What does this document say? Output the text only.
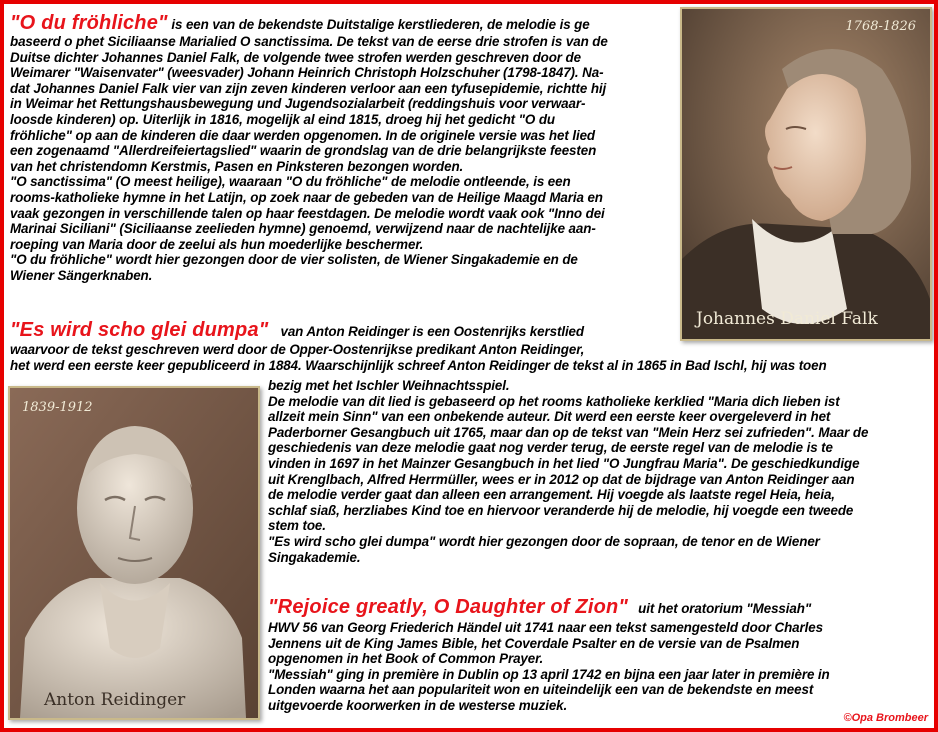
"O du fröhliche" is een van de bekendste Duitstalige kerstliederen, de melodie is ge
baseerd o phet Siciliaanse Marialied O sanctissima. De tekst van de eerse drie strofen is van de
Duitse dichter Johannes Daniel Falk, de volgende twee strofen werden geschreven door de
Weimarer "Waisenvater" (weesvader) Johann Heinrich Christoph Holzschuher (1798-1847). Na-
dat Johannes Daniel Falk vier van zijn zeven kinderen verloor aan een tyfusepidemie, richtte hij
in Weimar het Rettungshausbewegung und Jugendsozialarbeit (reddingshuis voor verwaar-
loosde kinderen) op. Uiterlijk in 1816, mogelijk al eind 1815, droeg hij het gedicht "O du
fröhliche" op aan de kinderen die daar werden opgenomen. In de originele versie was het lied
een zogenaamd "Allerdreifeiertagslied" waarin de grondslag van de drie belangrijkste feesten
van het christendomn Kerstmis, Pasen en Pinksteren bezongen worden.
"O sanctissima" (O meest heilige), waaraan "O du fröhliche" de melodie ontleende, is een
rooms-katholieke hymne in het Latijn, op zoek naar de gebeden van de Heilige Maagd Maria en
vaak gezongen in verschillende talen op haar feestdagen. De melodie wordt vaak ook "Inno dei
Marinai Siciliani" (Siciliaanse zeelieden hymne) genoemd, verwijzend naar de nachtelijke aan-
roeping van Maria door de zeelui als hun moederlijke beschermer.
"O du fröhliche" wordt hier gezongen door de vier solisten, de Wiener Singakademie en de
Wiener Sängerknaben.
1768-1826
Johannes Daniel Falk
"Es wird scho glei dumpa" van Anton Reidinger is een Oostenrijks kerstlied
waarvoor de tekst geschreven werd door de Opper-Oostenrijkse predikant Anton Reidinger,
het werd een eerste keer gepubliceerd in 1884. Waarschijnlijk schreef Anton Reidinger de tekst al in 1865 in Bad Ischl, hij was toen
bezig met het Ischler Weihnachtsspiel.
De melodie van dit lied is gebaseerd op het rooms katholieke kerklied "Maria dich lieben ist
allzeit mein Sinn" van een onbekende auteur. Dit werd een eerste keer overgeleverd in het
Paderborner Gesangbuch uit 1765, maar dan op de tekst van "Mein Herz sei zufrieden". Maar de
geschiedenis van deze melodie gaat nog verder terug, de eerste regel van de melodie is te
vinden in 1697 in het Mainzer Gesangbuch in het lied "O Jungfrau Maria". De geschiedkundige
uit Krenglbach, Alfred Herrmüller, wees er in 2012 op dat de bijdrage van Anton Reidinger aan
de melodie verder gaat dan alleen een arrangement. Hij voegde als laatste regel Heia, heia,
schlaf siaß, herzliabes Kind toe en hiervoor veranderde hij de melodie, hij voegde een tweede
stem toe.
"Es wird scho glei dumpa" wordt hier gezongen door de sopraan, de tenor en de Wiener
Singakademie.
1839-1912
Anton Reidinger
"Rejoice greatly, O Daughter of Zion" uit het oratorium "Messiah"
HWV 56 van Georg Friederich Händel uit 1741 naar een tekst samengesteld door Charles
Jennens uit de King James Bible, het Coverdale Psalter en de versie van de Psalmen
opgenomen in het Book of Common Prayer.
"Messiah" ging in première in Dublin op 13 april 1742 en bijna een jaar later in première in
Londen waarna het aan populariteit won en uiteindelijk een van de bekendste en meest
uitgevoerde koorwerken in de westerse muziek.
©Opa Brombeer
